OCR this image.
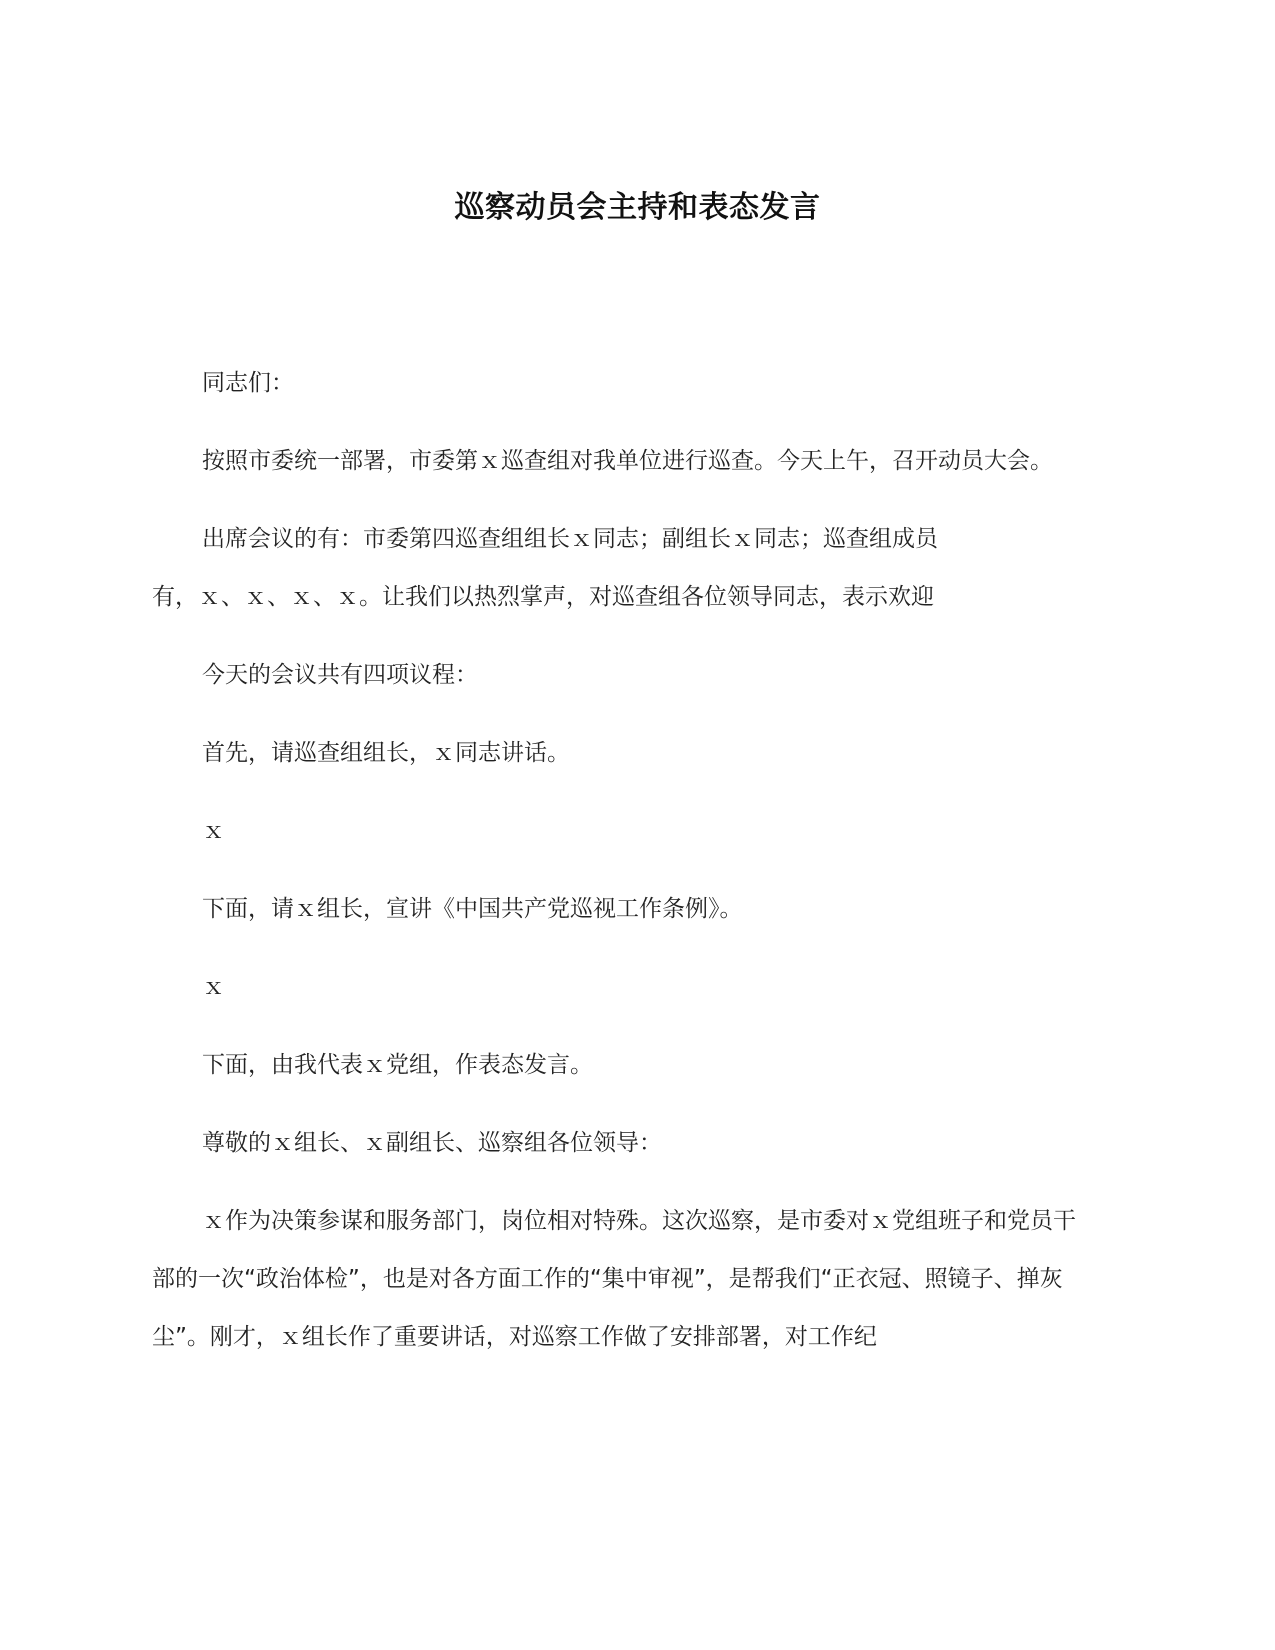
巡察动员会主持和表态发言

同志们：

按照市委统一部署，市委第ｘ巡查组对我单位进行巡查。今天上午，召开动员大会。

出席会议的有：市委第四巡查组组长ｘ同志；副组长ｘ同志；巡查组成员有，ｘ、ｘ、ｘ、ｘ。让我们以热烈掌声，对巡查组各位领导同志，表示欢迎

今天的会议共有四项议程：

首先，请巡查组组长，ｘ同志讲话。

ｘ

下面，请ｘ组长，宣讲《中国共产党巡视工作条例》。

ｘ

下面，由我代表ｘ党组，作表态发言。

尊敬的ｘ组长、ｘ副组长、巡察组各位领导：

ｘ作为决策参谋和服务部门，岗位相对特殊。这次巡察，是市委对ｘ党组班子和党员干部的一次“政治体检”，也是对各方面工作的“集中审视”，是帮我们“正衣冠、照镜子、掸灰尘”。刚才，ｘ组长作了重要讲话，对巡察工作做了安排部署，对工作纪
